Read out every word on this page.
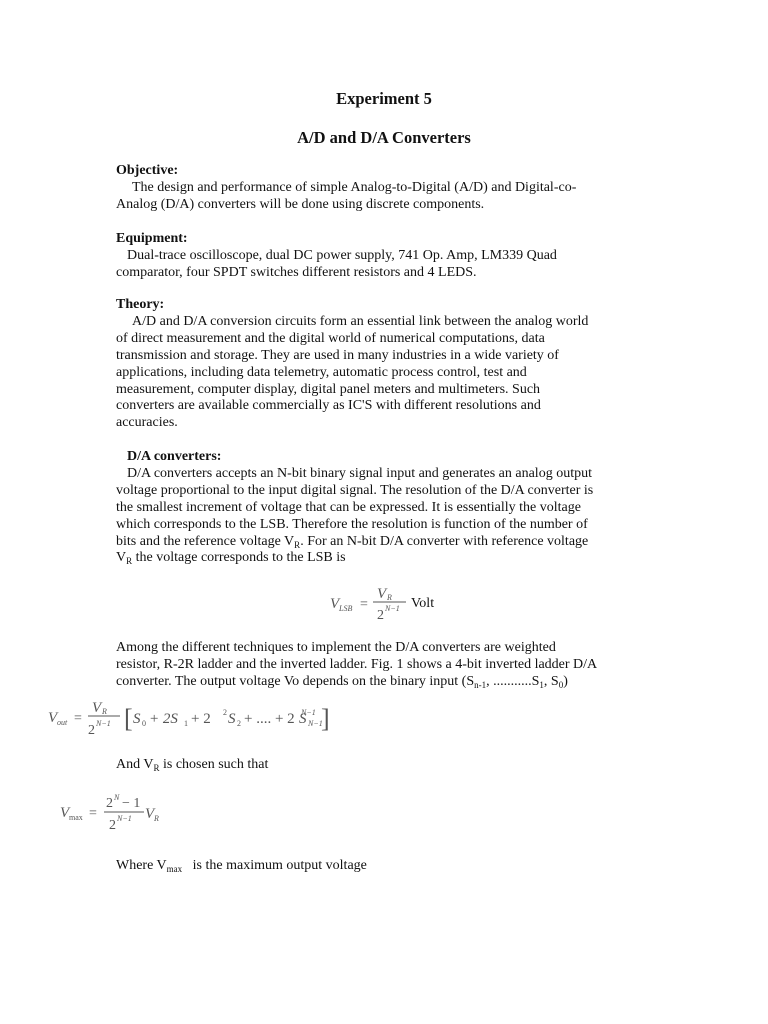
Experiment 5
A/D and D/A Converters
Objective:
The design and performance of simple Analog-to-Digital (A/D) and Digital-co-
Analog (D/A) converters will be done using discrete components.
Equipment:
Dual-trace oscilloscope, dual DC power supply, 741 Op. Amp, LM339 Quad
comparator, four SPDT switches different resistors and 4 LEDS.
Theory:
A/D and D/A conversion circuits form an essential link between the analog world
of direct measurement and the digital world of numerical computations, data
transmission and storage. They are used in many industries in a wide variety of
applications, including data telemetry, automatic process control, test and
measurement, computer display, digital panel meters and multimeters. Such
converters are available commercially as IC'S with different resolutions and
accuracies.
D/A converters:
D/A converters accepts an N-bit binary signal input and generates an analog output
voltage proportional to the input digital signal. The resolution of the D/A converter is
the smallest increment of voltage that can be expressed. It is essentially the voltage
which corresponds to the LSB. Therefore the resolution is function of the number of
bits and the reference voltage $V_R$. For an N-bit D/A converter with reference voltage
$V_R$ the voltage corresponds to the LSB is
V LSB =
V R
2 N−1 Volt
Among the different techniques to implement the D/A converters are weighted
resistor, R-2R ladder and the inverted ladder. Fig. 1 shows a 4-bit inverted ladder D/A
converter. The output voltage Vo depends on the binary input ($S_{n-1}$, $...........S_1$, $S_0$)
V out =
V R
2 N−1 [ S 0 + 2S 1 + 2 2 S 2 + .... + 2 N−1
S N−1
]
And $V_R$ is chosen such that
V max =
2 N − 1
2 N−1 V R
Where $V_{max}$   is the maximum output voltage
